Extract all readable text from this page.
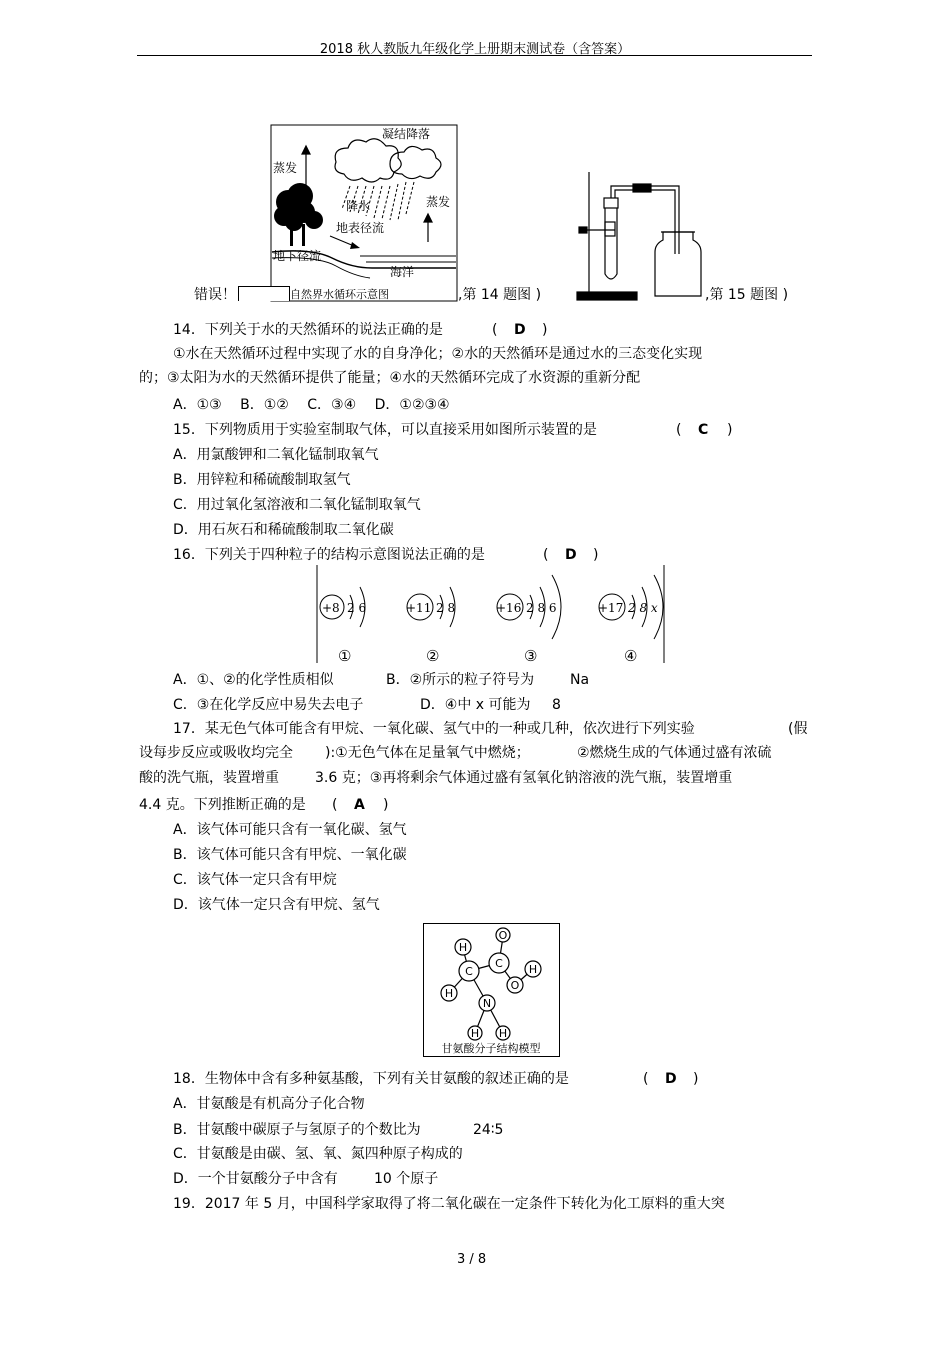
2018 秋人教版九年级化学上册期末测试卷（含答案）
凝结降落
蒸发
降水	蒸发
地表径流
地下径流
海洋
自然界水循环示意图
错误！	,第 14 题图 )	,第 15 题图 )
14．下列关于水的天然循环的说法正确的是	( D )
①水在天然循环过程中实现了水的自身净化；②水的天然循环是通过水的三态变化实现
的；③太阳为水的天然循环提供了能量；④水的天然循环完成了水资源的重新分配
A．①③　 B．①②　 C．③④　 D．①②③④
15．下列物质用于实验室制取气体，可以直接采用如图所示装置的是	( C )
A．用氯酸钾和二氧化锰制取氧气
B．用锌粒和稀硫酸制取氢气
C．用过氧化氢溶液和二氧化锰制取氧气
D．用石灰石和稀硫酸制取二氧化碳
16．下列关于四种粒子的结构示意图说法正确的是	( D )
+8 2 6	+11 2 8	+16 2 8 6	+17 2 8 x
①	②	③	④
A．①、②的化学性质相似	B．②所示的粒子符号为	Na
C．③在化学反应中易失去电子	D．④中 x 可能为 8
17．某无色气体可能含有甲烷、一氧化碳、氢气中的一种或几种，依次进行下列实验	(假
设每步反应或吸收均完全 ):①无色气体在足量氧气中燃烧；	②燃烧生成的气体通过盛有浓硫
酸的洗气瓶，装置增重	3.6 克；③再将剩余气体通过盛有氢氧化钠溶液的洗气瓶，装置增重
4.4 克。下列推断正确的是 ( A )
A．该气体可能只含有一氧化碳、氢气
B．该气体可能只含有甲烷、一氧化碳
C．该气体一定只含有甲烷
D．该气体一定只含有甲烷、氢气
H
C
O
C H
O
H
N
H H
甘氨酸分子结构模型
18．生物体中含有多种氨基酸，下列有关甘氨酸的叙述正确的是	( D )
A．甘氨酸是有机高分子化合物
B．甘氨酸中碳原子与氢原子的个数比为	24∶5
C．甘氨酸是由碳、氢、氧、氮四种原子构成的
D．一个甘氨酸分子中含有	10 个原子
19．2017 年 5 月，中国科学家取得了将二氧化碳在一定条件下转化为化工原料的重大突
3 / 8
